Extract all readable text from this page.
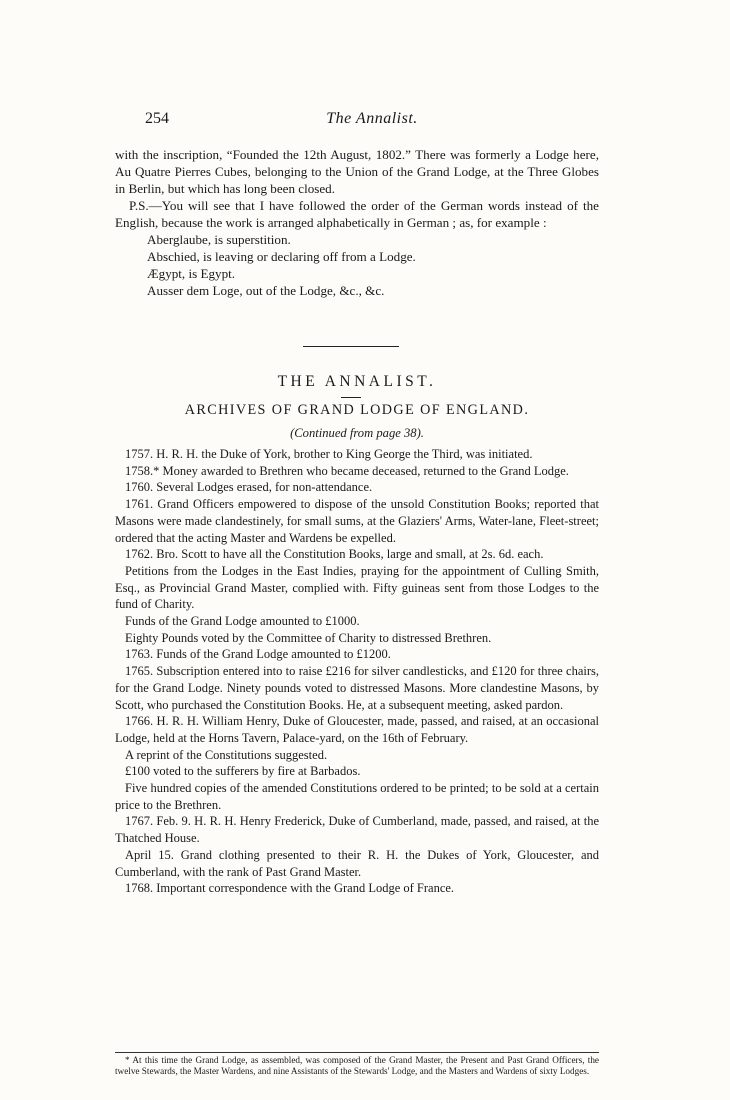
254	The Annalist.

with the inscription, “Founded the 12th August, 1802.” There was formerly a Lodge here, Au Quatre Pierres Cubes, belonging to the Union of the Grand Lodge, at the Three Globes in Berlin, but which has long been closed.

P.S.—You will see that I have followed the order of the German words instead of the English, because the work is arranged alphabetically in German ; as, for example :

Aberglaube, is superstition.
Abschied, is leaving or declaring off from a Lodge.
Ægypt, is Egypt.
Ausser dem Loge, out of the Lodge, &c., &c.
THE ANNALIST.
ARCHIVES OF GRAND LODGE OF ENGLAND.
(Continued from page 38).

1757. H. R. H. the Duke of York, brother to King George the Third, was initiated.

1758.* Money awarded to Brethren who became deceased, returned to the Grand Lodge.

1760. Several Lodges erased, for non-attendance.

1761. Grand Officers empowered to dispose of the unsold Constitution Books; reported that Masons were made clandestinely, for small sums, at the Glaziers' Arms, Water-lane, Fleet-street; ordered that the acting Master and Wardens be expelled.

1762. Bro. Scott to have all the Constitution Books, large and small, at 2s. 6d. each.

Petitions from the Lodges in the East Indies, praying for the appointment of Culling Smith, Esq., as Provincial Grand Master, complied with. Fifty guineas sent from those Lodges to the fund of Charity.

Funds of the Grand Lodge amounted to £1000.

Eighty Pounds voted by the Committee of Charity to distressed Brethren.

1763. Funds of the Grand Lodge amounted to £1200.

1765. Subscription entered into to raise £216 for silver candlesticks, and £120 for three chairs, for the Grand Lodge. Ninety pounds voted to distressed Masons. More clandestine Masons, by Scott, who purchased the Constitution Books. He, at a subsequent meeting, asked pardon.

1766. H. R. H. William Henry, Duke of Gloucester, made, passed, and raised, at an occasional Lodge, held at the Horns Tavern, Palace-yard, on the 16th of February.

A reprint of the Constitutions suggested.

£100 voted to the sufferers by fire at Barbados.

Five hundred copies of the amended Constitutions ordered to be printed; to be sold at a certain price to the Brethren.

1767. Feb. 9. H. R. H. Henry Frederick, Duke of Cumberland, made, passed, and raised, at the Thatched House.

April 15. Grand clothing presented to their R. H. the Dukes of York, Gloucester, and Cumberland, with the rank of Past Grand Master.

1768. Important correspondence with the Grand Lodge of France.

* At this time the Grand Lodge, as assembled, was composed of the Grand Master, the Present and Past Grand Officers, the twelve Stewards, the Master Wardens, and nine Assistants of the Stewards' Lodge, and the Masters and Wardens of sixty Lodges.
